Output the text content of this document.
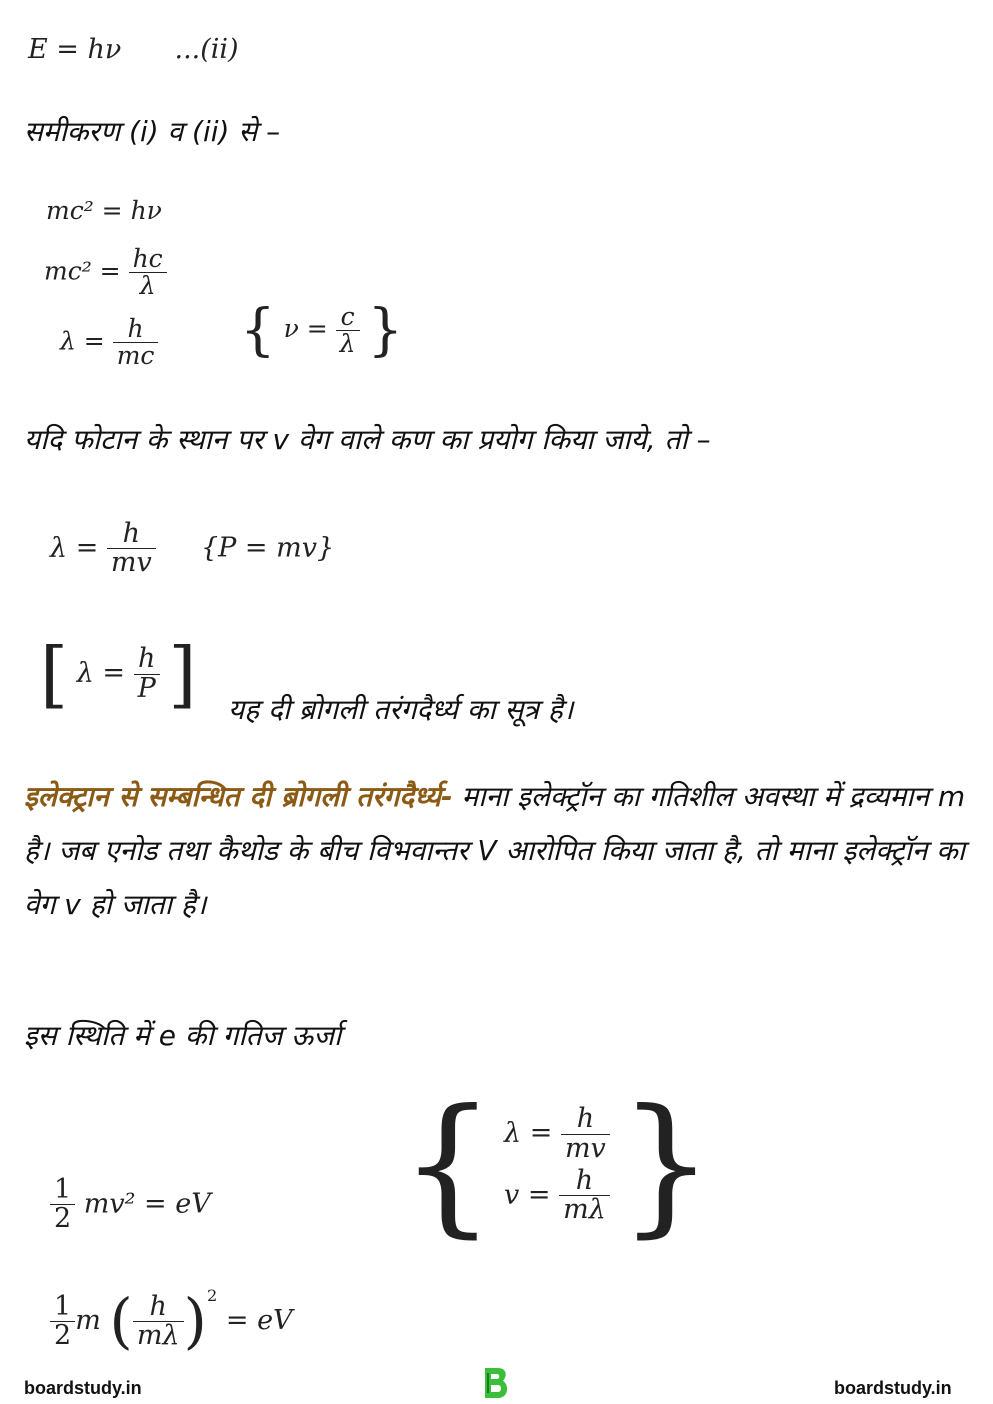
E = hν ...(ii)
समीकरण (i) व (ii) से –
mc² = hν
$mc^2 = \frac{hc}{\lambda}$
$\lambda = \frac{h}{mc}$ { $\nu = \frac{c}{\lambda}$ }
यदि फोटान के स्थान पर v वेग वाले कण का प्रयोग किया जाये, तो –
$\lambda = \frac{h}{mv} \{P = mv\}$
[ $\lambda = \frac{h}{P}$ ] यह दी ब्रोगली तरंगदैर्ध्य का सूत्र है।
इलेक्ट्रान से सम्बन्धित दी ब्रोगली तरंगदैर्ध्य- माना इलेक्ट्रॉन का गतिशील अवस्था में द्रव्यमान m है। जब एनोड तथा कैथोड के बीच विभवान्तर V आरोपित किया जाता है, तो माना इलेक्ट्रॉन का वेग v हो जाता है।
इस स्थिति में e की गतिज ऊर्जा
$\frac{1}{2} mv^2$ = eV { $\lambda = \frac{h}{mv}$
$v = \frac{h}{m\lambda}$ }
$\frac{1}{2}$ m ( $\frac{h}{m\lambda} )^2$ = eV
boardstudy.in	boardstudy.in
